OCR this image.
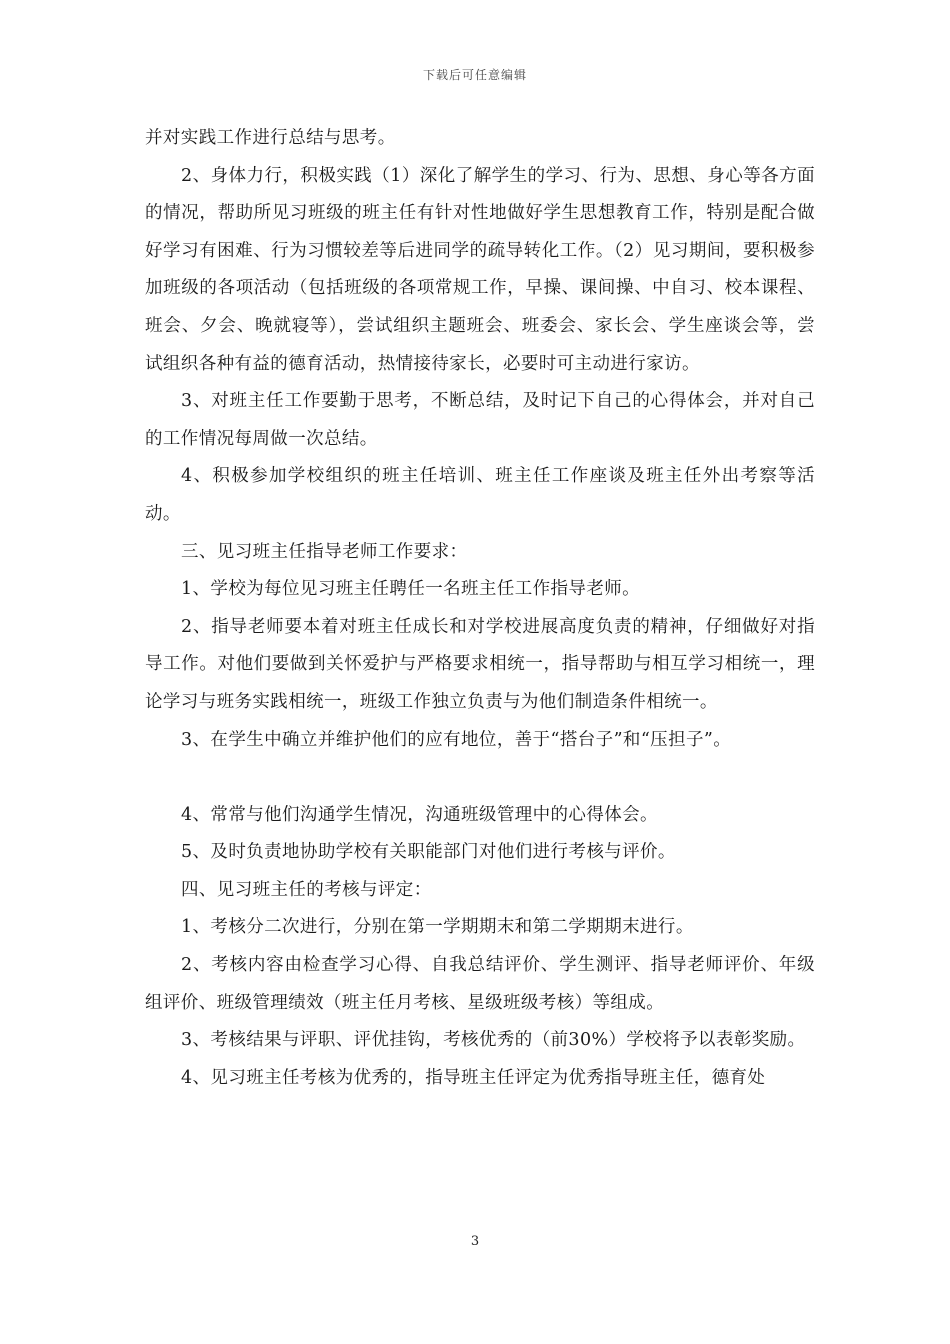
下载后可任意编辑

并对实践工作进行总结与思考。

2、身体力行，积极实践（1）深化了解学生的学习、行为、思想、身心等各方面的情况，帮助所见习班级的班主任有针对性地做好学生思想教育工作，特别是配合做好学习有困难、行为习惯较差等后进同学的疏导转化工作。（2）见习期间，要积极参加班级的各项活动（包括班级的各项常规工作，早操、课间操、中自习、校本课程、班会、夕会、晚就寝等），尝试组织主题班会、班委会、家长会、学生座谈会等，尝试组织各种有益的德育活动，热情接待家长，必要时可主动进行家访。

3、对班主任工作要勤于思考，不断总结，及时记下自己的心得体会，并对自己的工作情况每周做一次总结。

4、积极参加学校组织的班主任培训、班主任工作座谈及班主任外出考察等活动。

三、见习班主任指导老师工作要求：

1、学校为每位见习班主任聘任一名班主任工作指导老师。

2、指导老师要本着对班主任成长和对学校进展高度负责的精神，仔细做好对指导工作。对他们要做到关怀爱护与严格要求相统一，指导帮助与相互学习相统一，理论学习与班务实践相统一，班级工作独立负责与为他们制造条件相统一。

3、在学生中确立并维护他们的应有地位，善于“搭台子”和“压担子”。

4、常常与他们沟通学生情况，沟通班级管理中的心得体会。

5、及时负责地协助学校有关职能部门对他们进行考核与评价。

四、见习班主任的考核与评定：

1、考核分二次进行，分别在第一学期期末和第二学期期末进行。

2、考核内容由检查学习心得、自我总结评价、学生测评、指导老师评价、年级组评价、班级管理绩效（班主任月考核、星级班级考核）等组成。

3、考核结果与评职、评优挂钩，考核优秀的（前30%）学校将予以表彰奖励。

4、见习班主任考核为优秀的，指导班主任评定为优秀指导班主任，德育处

3
